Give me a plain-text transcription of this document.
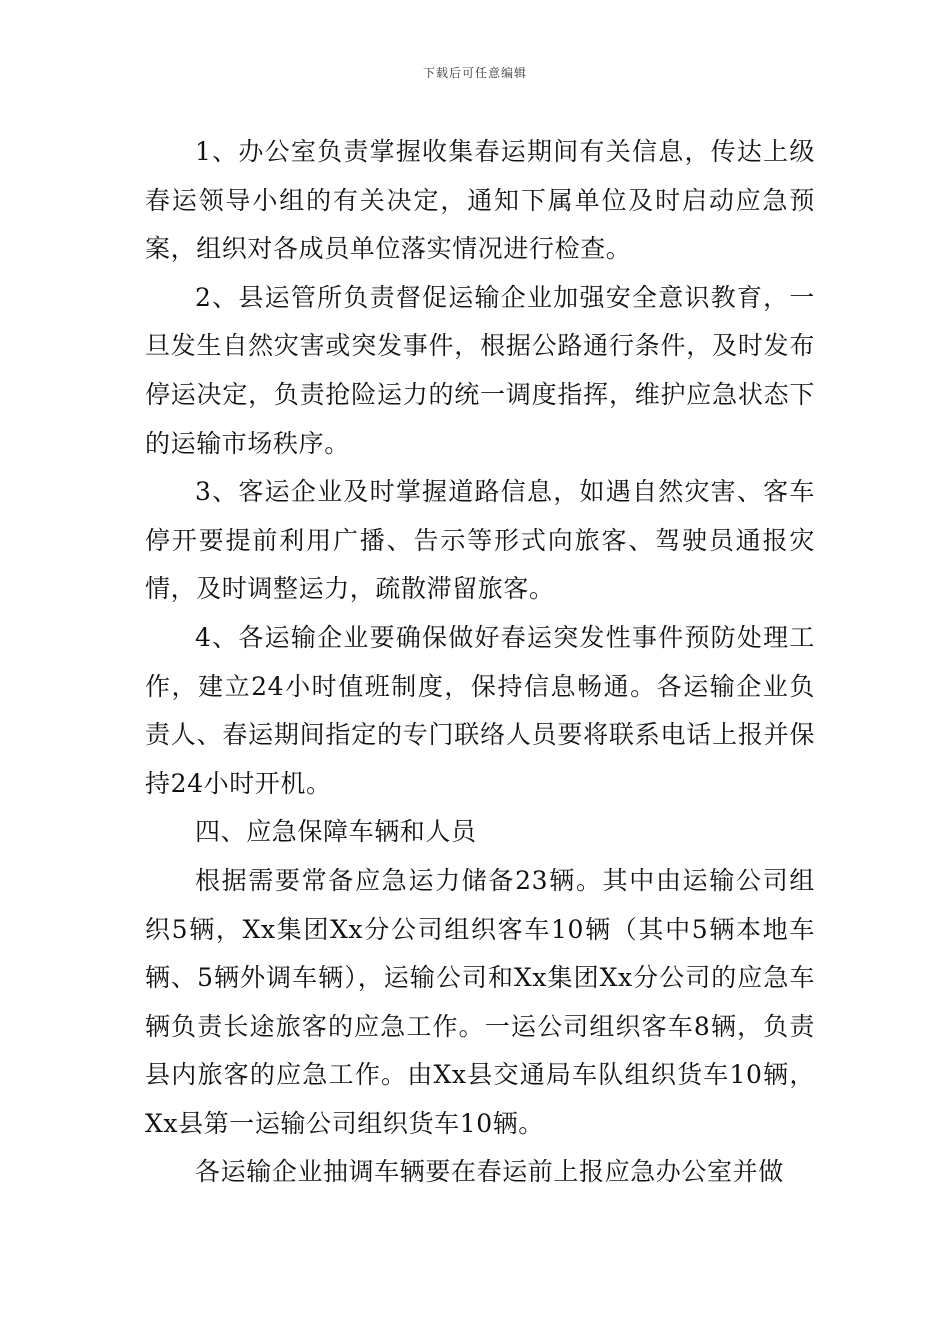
下载后可任意编辑

1、办公室负责掌握收集春运期间有关信息，传达上级春运领导小组的有关决定，通知下属单位及时启动应急预案，组织对各成员单位落实情况进行检查。

2、县运管所负责督促运输企业加强安全意识教育，一旦发生自然灾害或突发事件，根据公路通行条件，及时发布停运决定，负责抢险运力的统一调度指挥，维护应急状态下的运输市场秩序。

3、客运企业及时掌握道路信息，如遇自然灾害、客车停开要提前利用广播、告示等形式向旅客、驾驶员通报灾情，及时调整运力，疏散滞留旅客。

4、各运输企业要确保做好春运突发性事件预防处理工作，建立24小时值班制度，保持信息畅通。各运输企业负责人、春运期间指定的专门联络人员要将联系电话上报并保持24小时开机。

四、应急保障车辆和人员

根据需要常备应急运力储备23辆。其中由运输公司组织5辆，Xx集团Xx分公司组织客车10辆（其中5辆本地车辆、5辆外调车辆），运输公司和Xx集团Xx分公司的应急车辆负责长途旅客的应急工作。一运公司组织客车8辆，负责县内旅客的应急工作。由Xx县交通局车队组织货车10辆，Xx县第一运输公司组织货车10辆。

各运输企业抽调车辆要在春运前上报应急办公室并做
